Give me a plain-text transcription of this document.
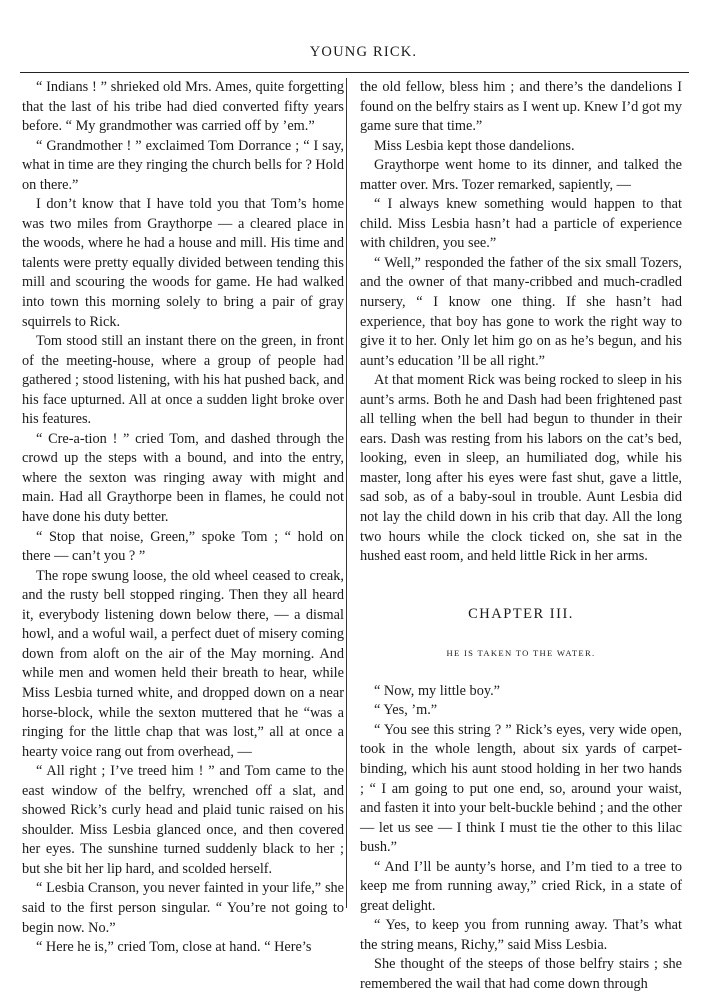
YOUNG RICK.

“ Indians ! ” shrieked old Mrs. Ames, quite forgetting that the last of his tribe had died converted fifty years before. “ My grandmother was carried off by ’em.”

“ Grandmother ! ” exclaimed Tom Dorrance ; “ I say, what in time are they ringing the church bells for ? Hold on there.”

I don’t know that I have told you that Tom’s home was two miles from Graythorpe — a cleared place in the woods, where he had a house and mill. His time and talents were pretty equally divided between tending this mill and scouring the woods for game. He had walked into town this morning solely to bring a pair of gray squirrels to Rick.

Tom stood still an instant there on the green, in front of the meeting-house, where a group of people had gathered ; stood listening, with his hat pushed back, and his face upturned. All at once a sudden light broke over his features.

“ Cre-a-tion ! ” cried Tom, and dashed through the crowd up the steps with a bound, and into the entry, where the sexton was ringing away with might and main. Had all Graythorpe been in flames, he could not have done his duty better.

“ Stop that noise, Green,” spoke Tom ; “ hold on there — can’t you ? ”

The rope swung loose, the old wheel ceased to creak, and the rusty bell stopped ringing. Then they all heard it, everybody listening down below there, — a dismal howl, and a woful wail, a perfect duet of misery coming down from aloft on the air of the May morning. And while men and women held their breath to hear, while Miss Lesbia turned white, and dropped down on a near horse-block, while the sexton muttered that he “was a ringing for the little chap that was lost,” all at once a hearty voice rang out from overhead, —

“ All right ; I’ve treed him ! ” and Tom came to the east window of the belfry, wrenched off a slat, and showed Rick’s curly head and plaid tunic raised on his shoulder. Miss Lesbia glanced once, and then covered her eyes. The sunshine turned suddenly black to her ; but she bit her lip hard, and scolded herself.

“ Lesbia Cranson, you never fainted in your life,” she said to the first person singular. “ You’re not going to begin now. No.”

“ Here he is,” cried Tom, close at hand. “ Here’s

the old fellow, bless him ; and there’s the dandelions I found on the belfry stairs as I went up. Knew I’d got my game sure that time.”

Miss Lesbia kept those dandelions.

Graythorpe went home to its dinner, and talked the matter over. Mrs. Tozer remarked, sapiently, —

“ I always knew something would happen to that child. Miss Lesbia hasn’t had a particle of experience with children, you see.”

“ Well,” responded the father of the six small Tozers, and the owner of that many-cribbed and much-cradled nursery, “ I know one thing. If she hasn’t had experience, that boy has gone to work the right way to give it to her. Only let him go on as he’s begun, and his aunt’s education ’ll be all right.”

At that moment Rick was being rocked to sleep in his aunt’s arms. Both he and Dash had been frightened past all telling when the bell had begun to thunder in their ears. Dash was resting from his labors on the cat’s bed, looking, even in sleep, an humiliated dog, while his master, long after his eyes were fast shut, gave a little, sad sob, as of a baby-soul in trouble. Aunt Lesbia did not lay the child down in his crib that day. All the long two hours while the clock ticked on, she sat in the hushed east room, and held little Rick in her arms.

CHAPTER III.
HE IS TAKEN TO THE WATER.

“ Now, my little boy.”

“ Yes, ’m.”

“ You see this string ? ” Rick’s eyes, very wide open, took in the whole length, about six yards of carpet-binding, which his aunt stood holding in her two hands ; “ I am going to put one end, so, around your waist, and fasten it into your belt-buckle behind ; and the other — let us see — I think I must tie the other to this lilac bush.”

“ And I’ll be aunty’s horse, and I’m tied to a tree to keep me from running away,” cried Rick, in a state of great delight.

“ Yes, to keep you from running away. That’s what the string means, Richy,” said Miss Lesbia.

She thought of the steeps of those belfry stairs ; she remembered the wail that had come down through
